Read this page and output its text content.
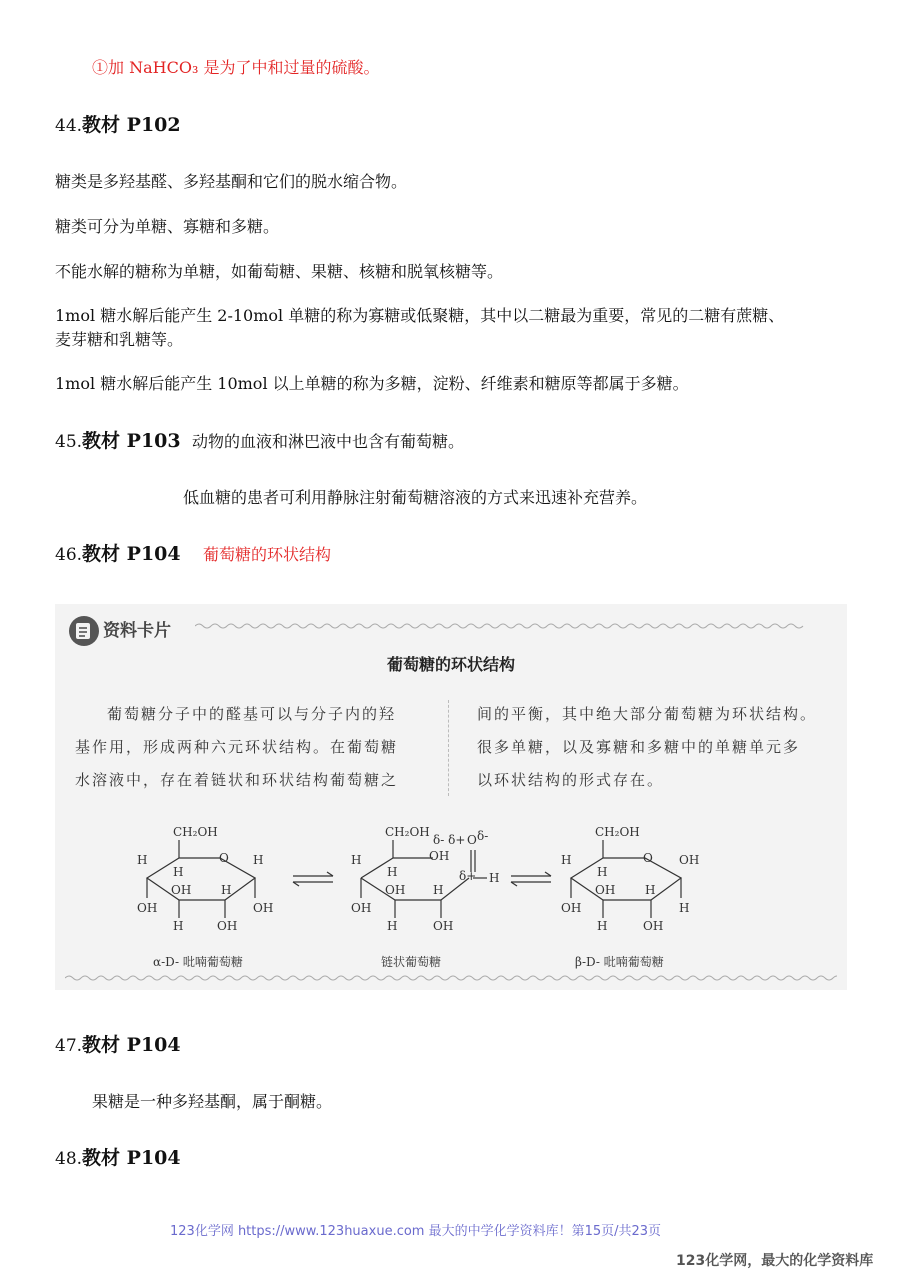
①加 NaHCO₃ 是为了中和过量的硫酸。
44.教材 P102
糖类是多羟基醛、多羟基酮和它们的脱水缩合物。
糖类可分为单糖、寡糖和多糖。
不能水解的糖称为单糖，如葡萄糖、果糖、核糖和脱氧核糖等。
1mol 糖水解后能产生 2-10mol 单糖的称为寡糖或低聚糖，其中以二糖最为重要，常见的二糖有蔗糖、
麦芽糖和乳糖等。
1mol 糖水解后能产生 10mol 以上单糖的称为多糖，淀粉、纤维素和糖原等都属于多糖。
45.教材 P103 动物的血液和淋巴液中也含有葡萄糖。
低血糖的患者可利用静脉注射葡萄糖溶液的方式来迅速补充营养。
46.教材 P104 葡萄糖的环状结构
资料卡片
葡萄糖的环状结构
葡萄糖分子中的醛基可以与分子内的羟
基作用，形成两种六元环状结构。在葡萄糖
水溶液中，存在着链状和环状结构葡萄糖之
间的平衡，其中绝大部分葡萄糖为环状结构。
很多单糖，以及寡糖和多糖中的单糖单元多
以环状结构的形式存在。
CH₂OH
O
H
OH
H
OH H
H
OH
H	OH
α-D- 吡喃葡萄糖
CH₂OH
δ- δ+
OH
H
H
OH
OH H
H	OH
O δ-
δ+ H
链状葡萄糖
CH₂OH
O
H
OH
H
OH H
OH
H
H	OH
β-D- 吡喃葡萄糖
47.教材 P104
果糖是一种多羟基酮，属于酮糖。
48.教材 P104
123化学网 https://www.123huaxue.com 最大的中学化学资料库！第15页/共23页
123化学网，最大的化学资料库
